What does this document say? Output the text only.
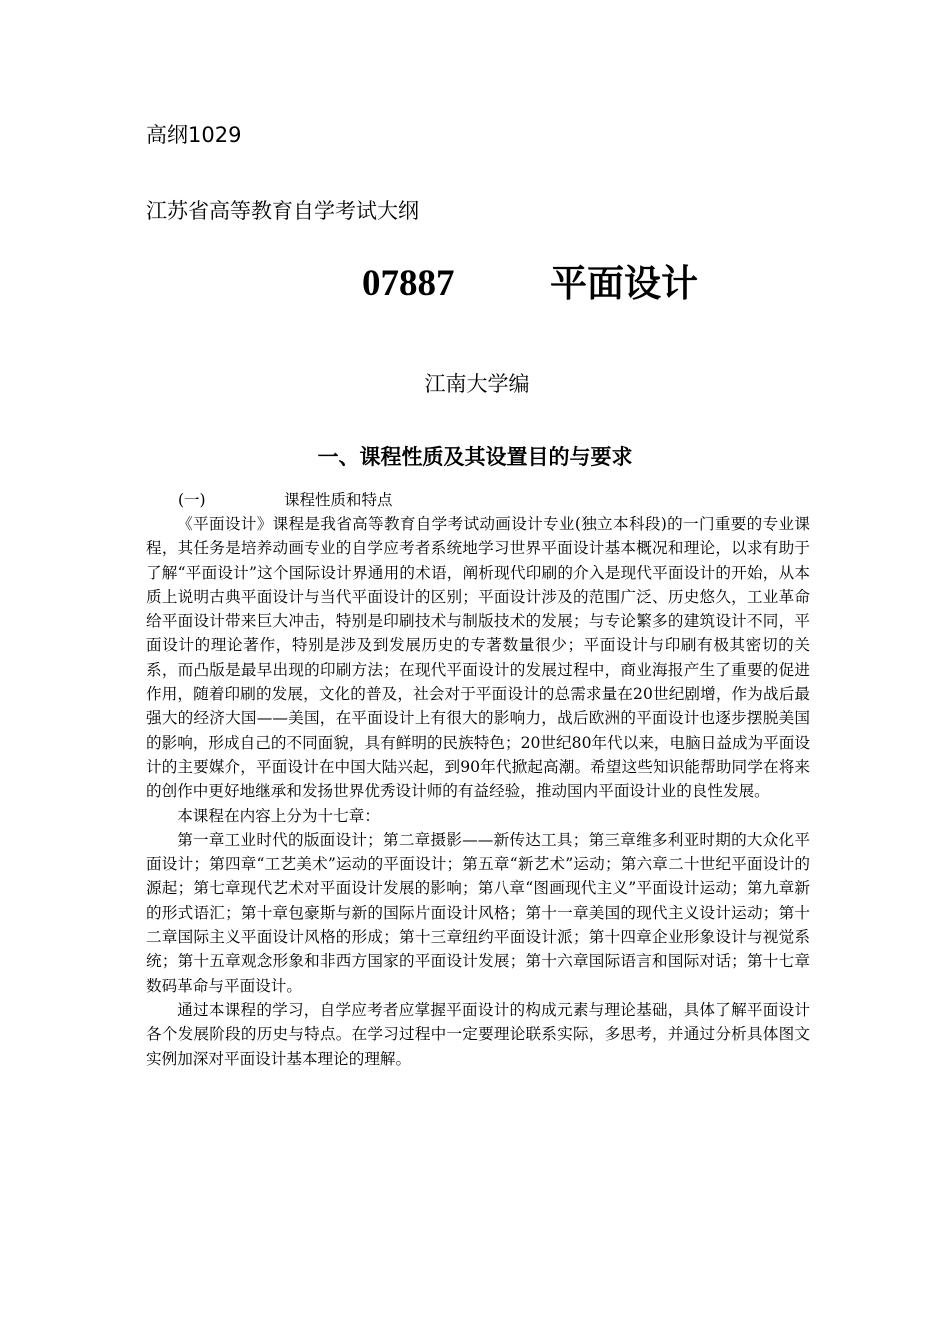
高纲1029

江苏省高等教育自学考试大纲

07887	平面设计

江南大学编

一、课程性质及其设置目的与要求

(一)	课程性质和特点

《平面设计》课程是我省高等教育自学考试动画设计专业(独立本科段)的一门重要的专业课程，其任务是培养动画专业的自学应考者系统地学习世界平面设计基本概况和理论，以求有助于了解“平面设计”这个国际设计界通用的术语，阐析现代印刷的介入是现代平面设计的开始，从本质上说明古典平面设计与当代平面设计的区别；平面设计涉及的范围广泛、历史悠久，工业革命给平面设计带来巨大冲击，特别是印刷技术与制版技术的发展；与专论繁多的建筑设计不同，平面设计的理论著作，特别是涉及到发展历史的专著数量很少；平面设计与印刷有极其密切的关系，而凸版是最早出现的印刷方法；在现代平面设计的发展过程中，商业海报产生了重要的促进作用，随着印刷的发展，文化的普及，社会对于平面设计的总需求量在20世纪剧增，作为战后最强大的经济大国——美国，在平面设计上有很大的影响力，战后欧洲的平面设计也逐步摆脱美国的影响，形成自己的不同面貌，具有鲜明的民族特色；20世纪80年代以来，电脑日益成为平面设计的主要媒介，平面设计在中国大陆兴起，到90年代掀起高潮。希望这些知识能帮助同学在将来的创作中更好地继承和发扬世界优秀设计师的有益经验，推动国内平面设计业的良性发展。

本课程在内容上分为十七章：

第一章工业时代的版面设计；第二章摄影——新传达工具；第三章维多利亚时期的大众化平面设计；第四章“工艺美术”运动的平面设计；第五章“新艺术”运动；第六章二十世纪平面设计的源起；第七章现代艺术对平面设计发展的影响；第八章“图画现代主义”平面设计运动；第九章新的形式语汇；第十章包豪斯与新的国际片面设计风格；第十一章美国的现代主义设计运动；第十二章国际主义平面设计风格的形成；第十三章纽约平面设计派；第十四章企业形象设计与视觉系统；第十五章观念形象和非西方国家的平面设计发展；第十六章国际语言和国际对话；第十七章数码革命与平面设计。

通过本课程的学习，自学应考者应掌握平面设计的构成元素与理论基础，具体了解平面设计各个发展阶段的历史与特点。在学习过程中一定要理论联系实际，多思考，并通过分析具体图文实例加深对平面设计基本理论的理解。
